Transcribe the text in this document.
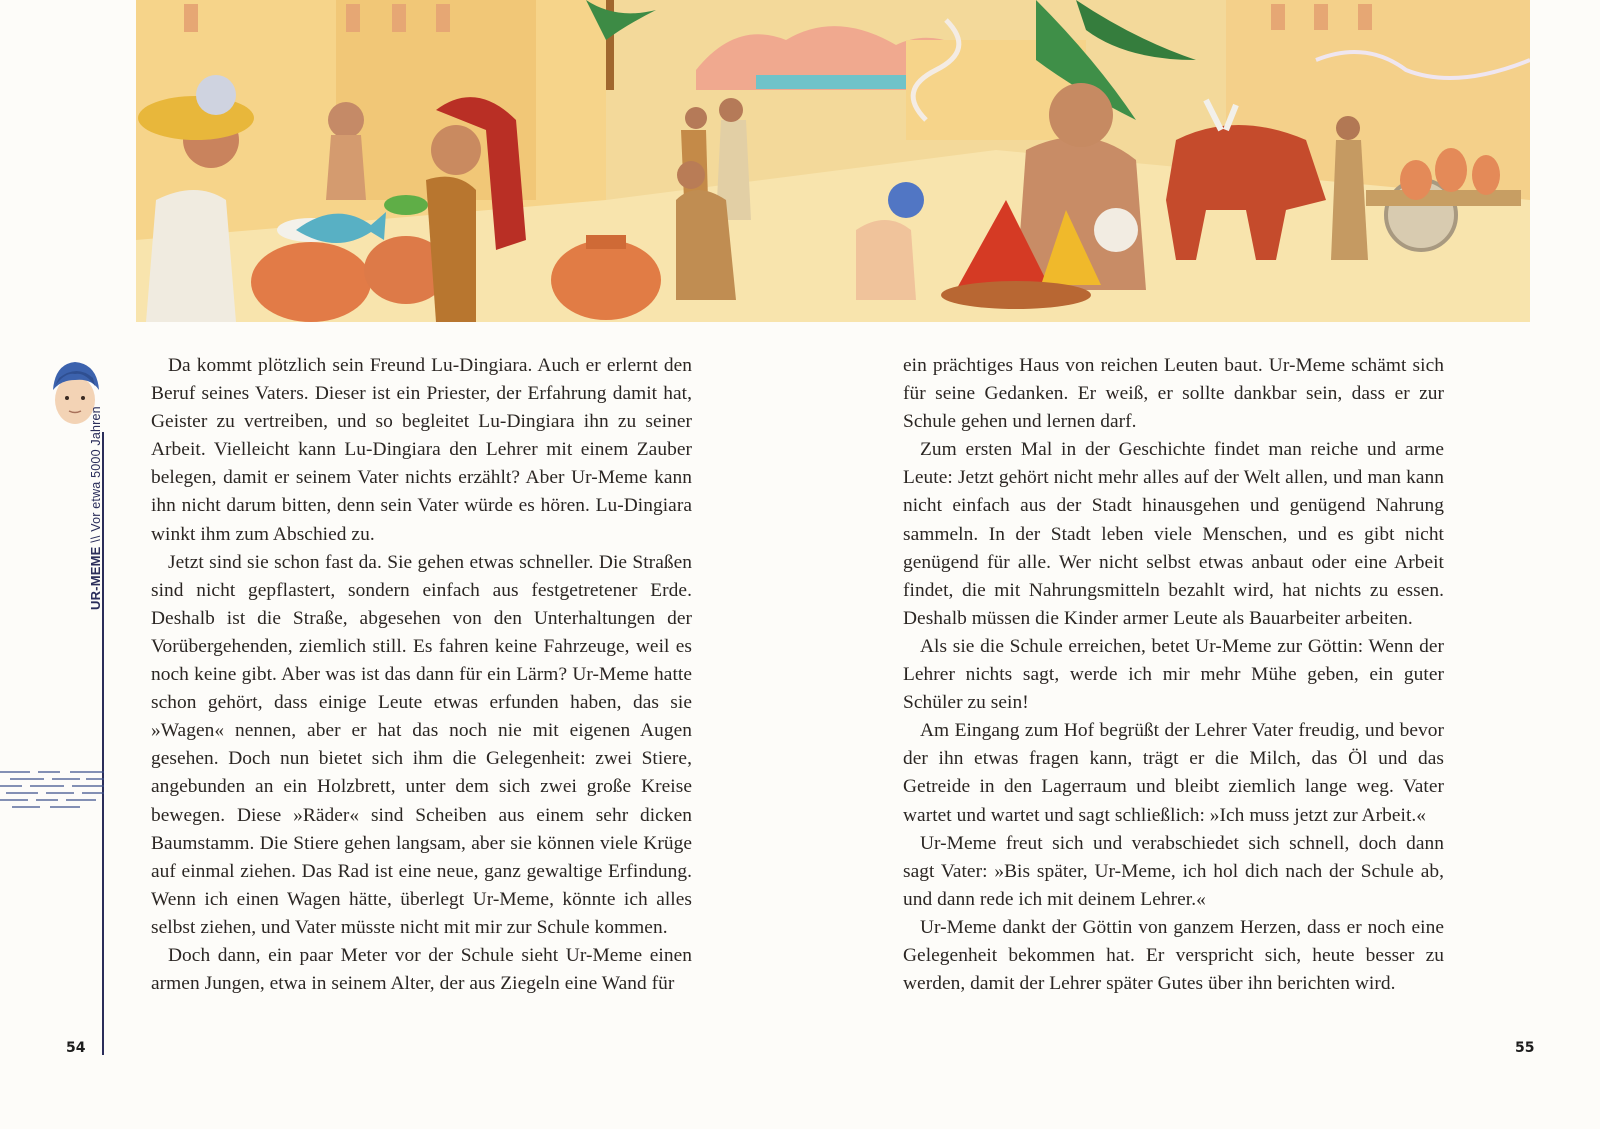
UR-MEME \\ Vor etwa 5000 Jahren

Da kommt plötzlich sein Freund Lu-Dingiara. Auch er erlernt den Beruf seines Vaters. Dieser ist ein Priester, der Erfahrung damit hat, Geister zu vertreiben, und so begleitet Lu-Dingiara ihn zu seiner Arbeit. Vielleicht kann Lu-Dingiara den Lehrer mit einem Zauber belegen, damit er seinem Vater nichts erzählt? Aber Ur-Meme kann ihn nicht darum bitten, denn sein Vater würde es hören. Lu-Dingiara winkt ihm zum Abschied zu.

Jetzt sind sie schon fast da. Sie gehen etwas schneller. Die Straßen sind nicht gepflastert, sondern einfach aus festgetretener Erde. Deshalb ist die Straße, abgesehen von den Unterhaltungen der Vorübergehenden, ziemlich still. Es fahren keine Fahrzeuge, weil es noch keine gibt. Aber was ist das dann für ein Lärm? Ur-Meme hatte schon gehört, dass einige Leute etwas erfunden haben, das sie »Wagen« nennen, aber er hat das noch nie mit eigenen Augen gesehen. Doch nun bietet sich ihm die Gelegenheit: zwei Stiere, angebunden an ein Holzbrett, unter dem sich zwei große Kreise bewegen. Diese »Räder« sind Scheiben aus einem sehr dicken Baumstamm. Die Stiere gehen langsam, aber sie können viele Krüge auf einmal ziehen. Das Rad ist eine neue, ganz gewaltige Erfindung. Wenn ich einen Wagen hätte, überlegt Ur-Meme, könnte ich alles selbst ziehen, und Vater müsste nicht mit mir zur Schule kommen.

Doch dann, ein paar Meter vor der Schule sieht Ur-Meme einen armen Jungen, etwa in seinem Alter, der aus Ziegeln eine Wand für

ein prächtiges Haus von reichen Leuten baut. Ur-Meme schämt sich für seine Gedanken. Er weiß, er sollte dankbar sein, dass er zur Schule gehen und lernen darf.

Zum ersten Mal in der Geschichte findet man reiche und arme Leute: Jetzt gehört nicht mehr alles auf der Welt allen, und man kann nicht einfach aus der Stadt hinausgehen und genügend Nahrung sammeln. In der Stadt leben viele Menschen, und es gibt nicht genügend für alle. Wer nicht selbst etwas anbaut oder eine Arbeit findet, die mit Nahrungsmitteln bezahlt wird, hat nichts zu essen. Deshalb müssen die Kinder armer Leute als Bauarbeiter arbeiten.

Als sie die Schule erreichen, betet Ur-Meme zur Göttin: Wenn der Lehrer nichts sagt, werde ich mir mehr Mühe geben, ein guter Schüler zu sein!

Am Eingang zum Hof begrüßt der Lehrer Vater freudig, und bevor der ihn etwas fragen kann, trägt er die Milch, das Öl und das Getreide in den Lagerraum und bleibt ziemlich lange weg. Vater wartet und wartet und sagt schließlich: »Ich muss jetzt zur Arbeit.«

Ur-Meme freut sich und verabschiedet sich schnell, doch dann sagt Vater: »Bis später, Ur-Meme, ich hol dich nach der Schule ab, und dann rede ich mit deinem Lehrer.«

Ur-Meme dankt der Göttin von ganzem Herzen, dass er noch eine Gelegenheit bekommen hat. Er verspricht sich, heute besser zu werden, damit der Lehrer später Gutes über ihn berichten wird.

54	55
